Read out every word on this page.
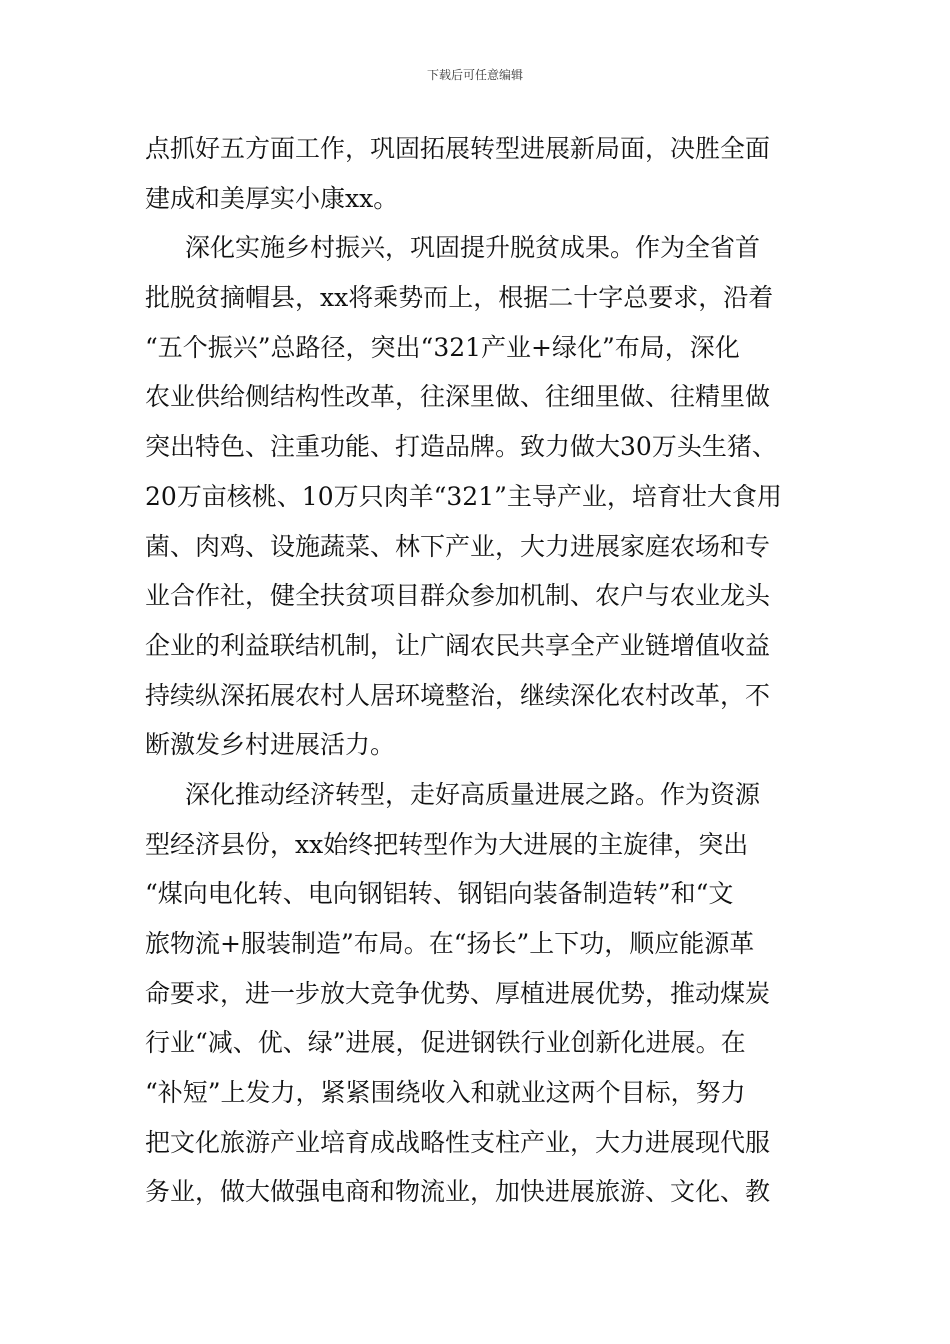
下载后可任意编辑
点抓好五方面工作，巩固拓展转型进展新局面，决胜全面
建成和美厚实小康xx。
深化实施乡村振兴，巩固提升脱贫成果。作为全省首
批脱贫摘帽县，xx将乘势而上，根据二十字总要求，沿着
“五个振兴”总路径，突出“321产业+绿化”布局，深化
农业供给侧结构性改革，往深里做、往细里做、往精里做
突出特色、注重功能、打造品牌。致力做大30万头生猪、
20万亩核桃、10万只肉羊“321”主导产业，培育壮大食用
菌、肉鸡、设施蔬菜、林下产业，大力进展家庭农场和专
业合作社，健全扶贫项目群众参加机制、农户与农业龙头
企业的利益联结机制，让广阔农民共享全产业链增值收益
持续纵深拓展农村人居环境整治，继续深化农村改革，不
断激发乡村进展活力。
深化推动经济转型，走好高质量进展之路。作为资源
型经济县份，xx始终把转型作为大进展的主旋律，突出
“煤向电化转、电向钢铝转、钢铝向装备制造转”和“文
旅物流+服装制造”布局。在“扬长”上下功，顺应能源革
命要求，进一步放大竞争优势、厚植进展优势，推动煤炭
行业“减、优、绿”进展，促进钢铁行业创新化进展。在
“补短”上发力，紧紧围绕收入和就业这两个目标，努力
把文化旅游产业培育成战略性支柱产业，大力进展现代服
务业，做大做强电商和物流业，加快进展旅游、文化、教
